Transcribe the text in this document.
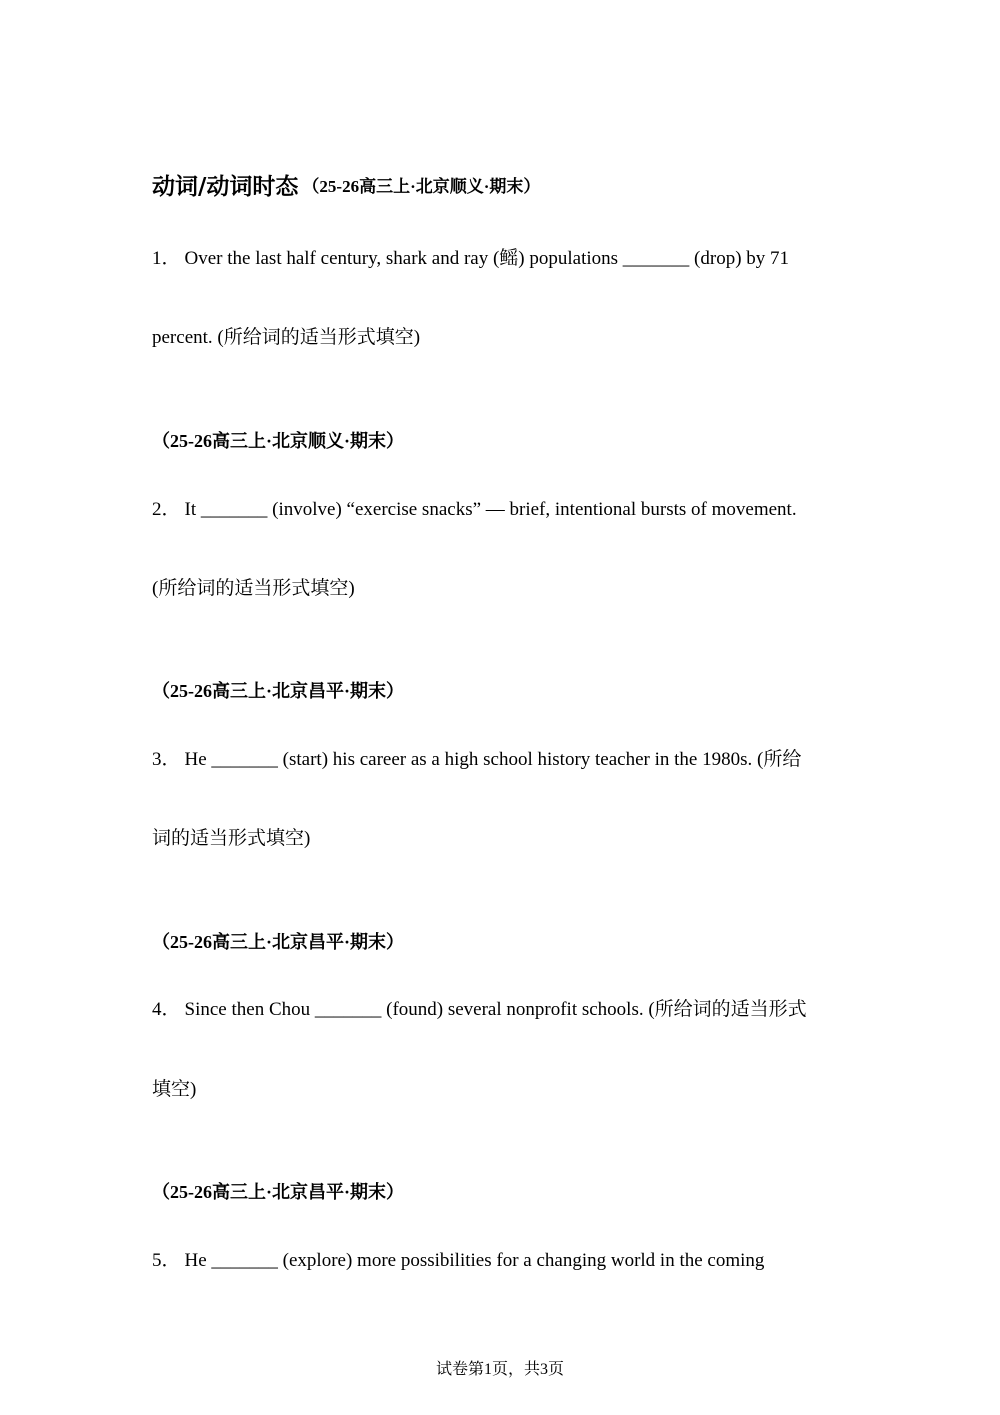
动词/动词时态 （25-26高三上·北京顺义·期末）
1． Over the last half century, shark and ray (鳐) populations _______ (drop) by 71
percent. (所给词的适当形式填空)
（25-26高三上·北京顺义·期末）
2． It _______ (involve) “exercise snacks” — brief, intentional bursts of movement.
(所给词的适当形式填空)
（25-26高三上·北京昌平·期末）
3． He _______ (start) his career as a high school history teacher in the 1980s. (所给
词的适当形式填空)
（25-26高三上·北京昌平·期末）
4． Since then Chou _______ (found) several nonprofit schools. (所给词的适当形式
填空)
（25-26高三上·北京昌平·期末）
5． He _______ (explore) more possibilities for a changing world in the coming
试卷第1页，共3页
